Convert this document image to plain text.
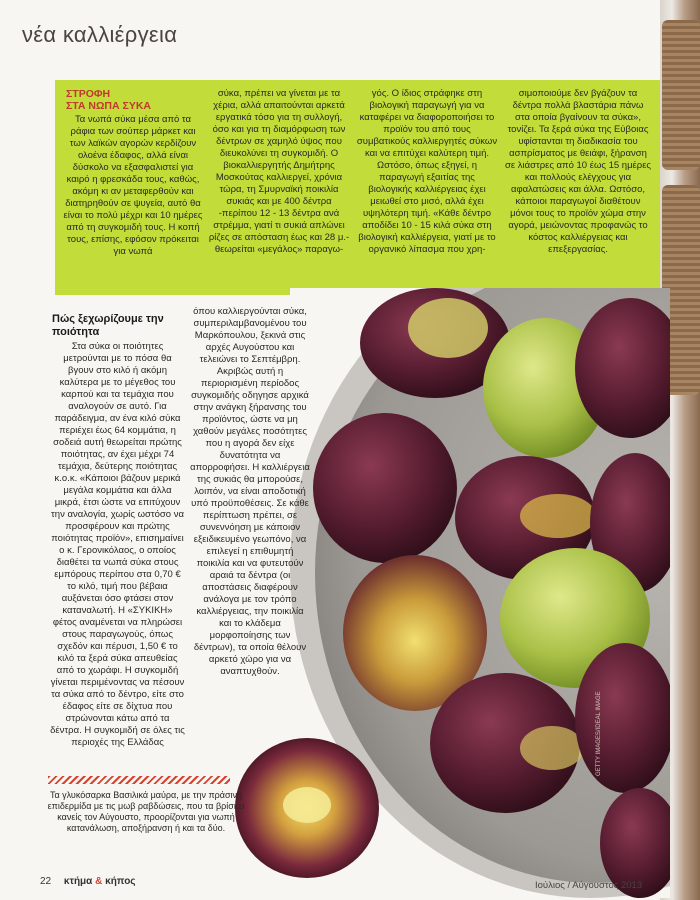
νέα καλλιέργεια
ΣΤΡΟΦΗ
ΣΤΑ ΝΩΠΑ ΣΥΚΑ
Τα νωπά σύκα μέσα από τα ράφια των σούπερ μάρκετ και των λαϊκών αγορών κερδίζουν ολοένα έδαφος, αλλά είναι δύσκολο να εξασφαλιστεί για καιρό η φρεσκάδα τους, καθώς, ακόμη κι αν μεταφερθούν και διατηρηθούν σε ψυγεία, αυτό θα είναι το πολύ μέχρι και 10 ημέρες από τη συγκομιδή τους. Η κοπή τους, επίσης, εφόσον πρόκειται για νωπά
σύκα, πρέπει να γίνεται με τα χέρια, αλλά απαιτούνται αρκετά εργατικά τόσο για τη συλλογή, όσο και για τη διαμόρφωση των δέντρων σε χαμηλό ύψος που διευκολύνει τη συγκομιδή. Ο βιοκαλλιεργητής Δημήτρης Μοσκούτας καλλιεργεί, χρόνια τώρα, τη Σμυρναϊκή ποικιλία συκιάς και με 400 δέντρα -περίπου 12 - 13 δέντρα ανά στρέμμα, γιατί τι συκιά απλώνει ρίζες σε απόσταση έως και 28 μ.- θεωρείται «μεγάλος» παραγω-
γός. Ο ίδιος στράφηκε στη βιολογική παραγωγή για να καταφέρει να διαφοροποιήσει το προϊόν του από τους συμβατικούς καλλιεργητές σύκων και να επιτύχει καλύτερη τιμή. Ωστόσο, όπως εξηγεί, η παραγωγή εξαιτίας της βιολογικής καλλιέργειας έχει μειωθεί στο μισό, αλλά έχει υψηλότερη τιμή. «Κάθε δέντρο αποδίδει 10 - 15 κιλά σύκα στη βιολογική καλλιέργεια, γιατί με το οργανικό λίπασμα που χρη-
σιμοποιούμε δεν βγάζουν τα δέντρα πολλά βλαστάρια πάνω στα οποία βγαίνουν τα σύκα», τονίζει. Τα ξερά σύκα της Εύβοιας υφίστανται τη διαδικασία του ασπρίσματος με θειάφι, ξήρανση σε λιάστρες από 10 έως 15 ημέρες και πολλούς ελέγχους για αφαλατώσεις και άλλα. Ωστόσο, κάποιοι παραγωγοί διαθέτουν μόνοι τους το προϊόν χώμα στην αγορά, μειώνοντας προφανώς το κόστος καλλιέργειας και επεξεργασίας.
Πώς ξεχωρίζουμε την ποιότητα
Στα σύκα οι ποιότητες μετρούνται με το πόσα θα βγουν στο κιλό ή ακόμη καλύτερα με το μέγεθος του καρπού και τα τεμάχια που αναλογούν σε αυτό. Για παράδειγμα, αν ένα κιλό σύκα περιέχει έως 64 κομμάτια, η σοδειά αυτή θεωρείται πρώτης ποιότητας, αν έχει μέχρι 74 τεμάχια, δεύτερης ποιότητας κ.ο.κ. «Κάποιοι βάζουν μερικά μεγάλα κομμάτια και άλλα μικρά, έτσι ώστε να επιτύχουν την αναλογία, χωρίς ωστόσο να προσφέρουν και πρώτης ποιότητας προϊόν», επισημαίνει ο κ. Γερονικόλαος, ο οποίος διαθέτει τα νωπά σύκα στους εμπόρους περίπου στα 0,70 € το κιλό, τιμή που βέβαια αυξάνεται όσο φτάσει στον καταναλωτή. Η «ΣΥΚΙΚΗ» φέτος αναμένεται να πληρώσει στους παραγωγούς, όπως σχεδόν και πέρυσι, 1,50 € το κιλό τα ξερά σύκα απευθείας από το χωράφι. Η συγκομιδή γίνεται περιμένοντας να πέσουν τα σύκα από το δέντρο, είτε στο έδαφος είτε σε δίχτυα που στρώνονται κάτω από τα δέντρα. Η συγκομιδή σε όλες τις περιοχές της Ελλάδας
όπου καλλιεργούνται σύκα, συμπεριλαμβανομένου του Μαρκόπουλου, ξεκινά στις αρχές Αυγούστου και τελειώνει το Σεπτέμβρη. Ακριβώς αυτή η περιορισμένη περίοδος συγκομιδής οδηγησε αρχικά στην ανάγκη ξήρανσης του προϊόντος, ώστε να μη χαθούν μεγάλες ποσότητες που η αγορά δεν είχε δυνατότητα να απορροφήσει. Η καλλιέργεια της συκιάς θα μπορούσε, λοιπόν, να είναι αποδοτική υπό προϋποθέσεις. Σε κάθε περίπτωση πρέπει, σε συνεννόηση με κάποιον εξειδικευμένο γεωπόνο, να επιλεγεί η επιθυμητή ποικιλία και να φυτευτούν αραιά τα δέντρα (οι αποστάσεις διαφέρουν ανάλογα με τον τρόπο καλλιέργειας, την ποικιλία και το κλάδεμα μορφοποίησης των δέντρων), τα οποία θέλουν αρκετό χώρο για να αναπτυχθούν.
Τα γλυκόσαρκα Βασιλικά μαύρα, με την πράσινη επιδερμίδα με τις μωβ ραβδώσεις, που τα βρίσκει κανείς τον Αύγουστο, προορίζονται για νωπή κατανάλωση, αποξήρανση ή και τα δύο.
GETTY IMAGES/IDEAL IMAGE
22 κτήμα & κήπος	Ιούλιος / Αύγουστος 2013
